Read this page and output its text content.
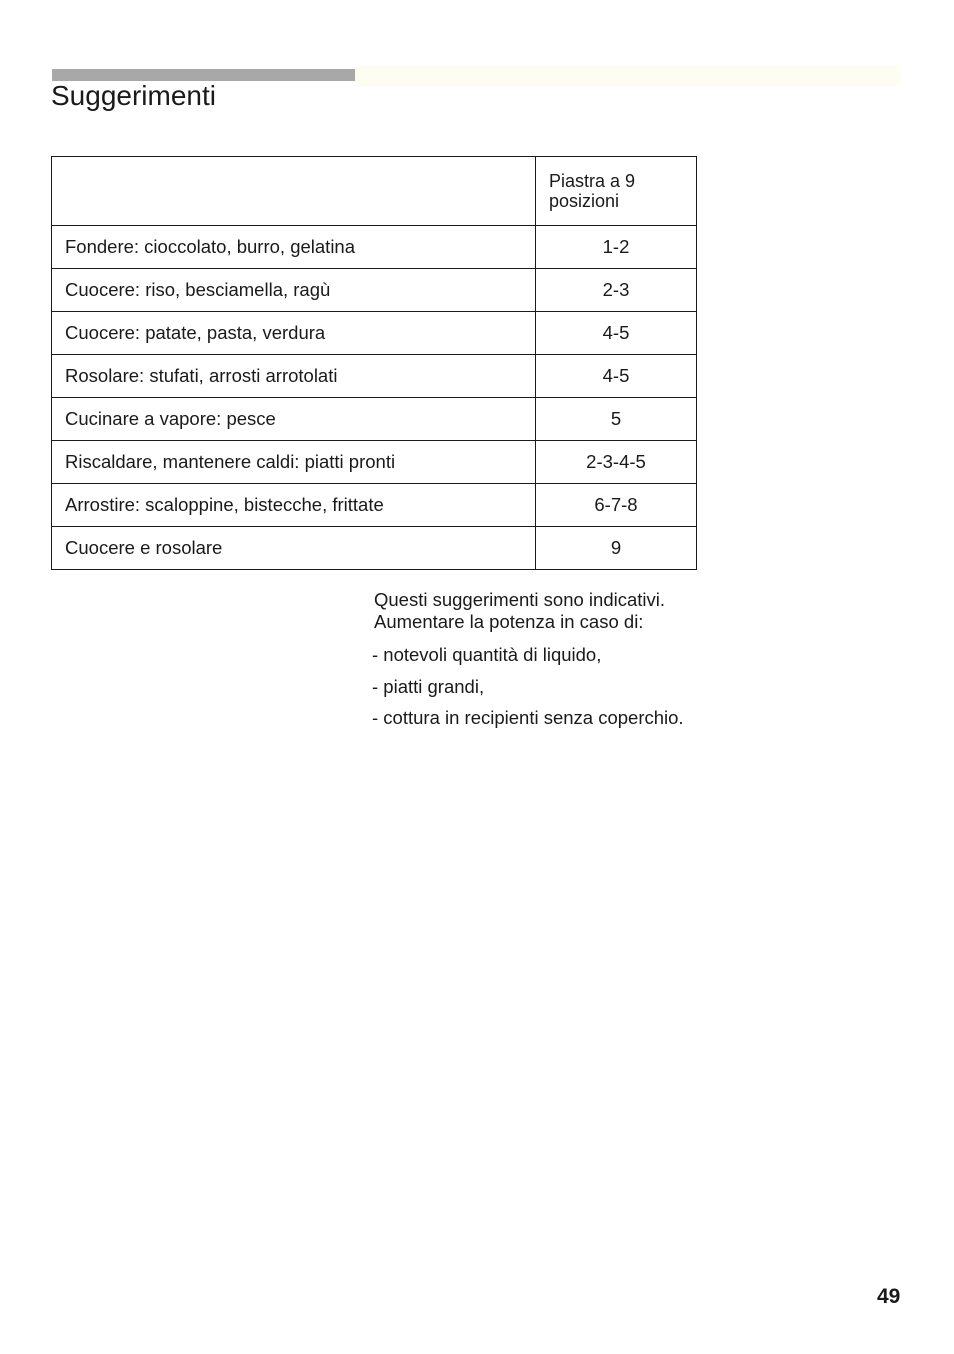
Suggerimenti

	Piastra a 9 posizioni

Fondere: cioccolato, burro, gelatina	1-2
Cuocere: riso, besciamella, ragù	2-3
Cuocere: patate, pasta, verdura	4-5
Rosolare: stufati, arrosti arrotolati	4-5
Cucinare a vapore: pesce	5
Riscaldare, mantenere caldi: piatti pronti	2-3-4-5
Arrostire: scaloppine, bistecche, frittate	6-7-8
Cuocere e rosolare	9

Questi suggerimenti sono indicativi.

Aumentare la potenza in caso di:

- notevoli quantità di liquido,
- piatti grandi,
- cottura in recipienti senza coperchio.
49
